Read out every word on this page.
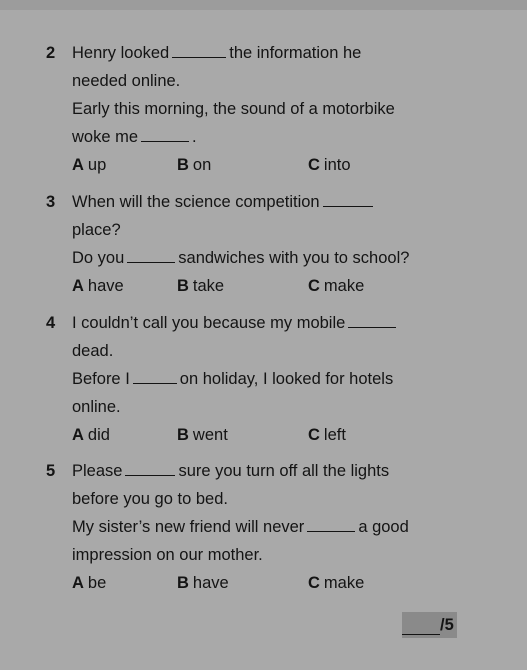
2 Henry looked	the information he
needed online.
Early this morning, the sound of a motorbike
woke me	.
A up	B on	C into
3 When will the science competition
place?
Do you	sandwiches with you to school?
A have	B take	C make
4 I couldn’t call you because my mobile
dead.
Before I	on holiday, I looked for hotels
online.
A did	B went	C left
5 Please	sure you turn off all the lights
before you go to bed.
My sister’s new friend will never	a good
impression on our mother.
A be	B have	C make
/5
